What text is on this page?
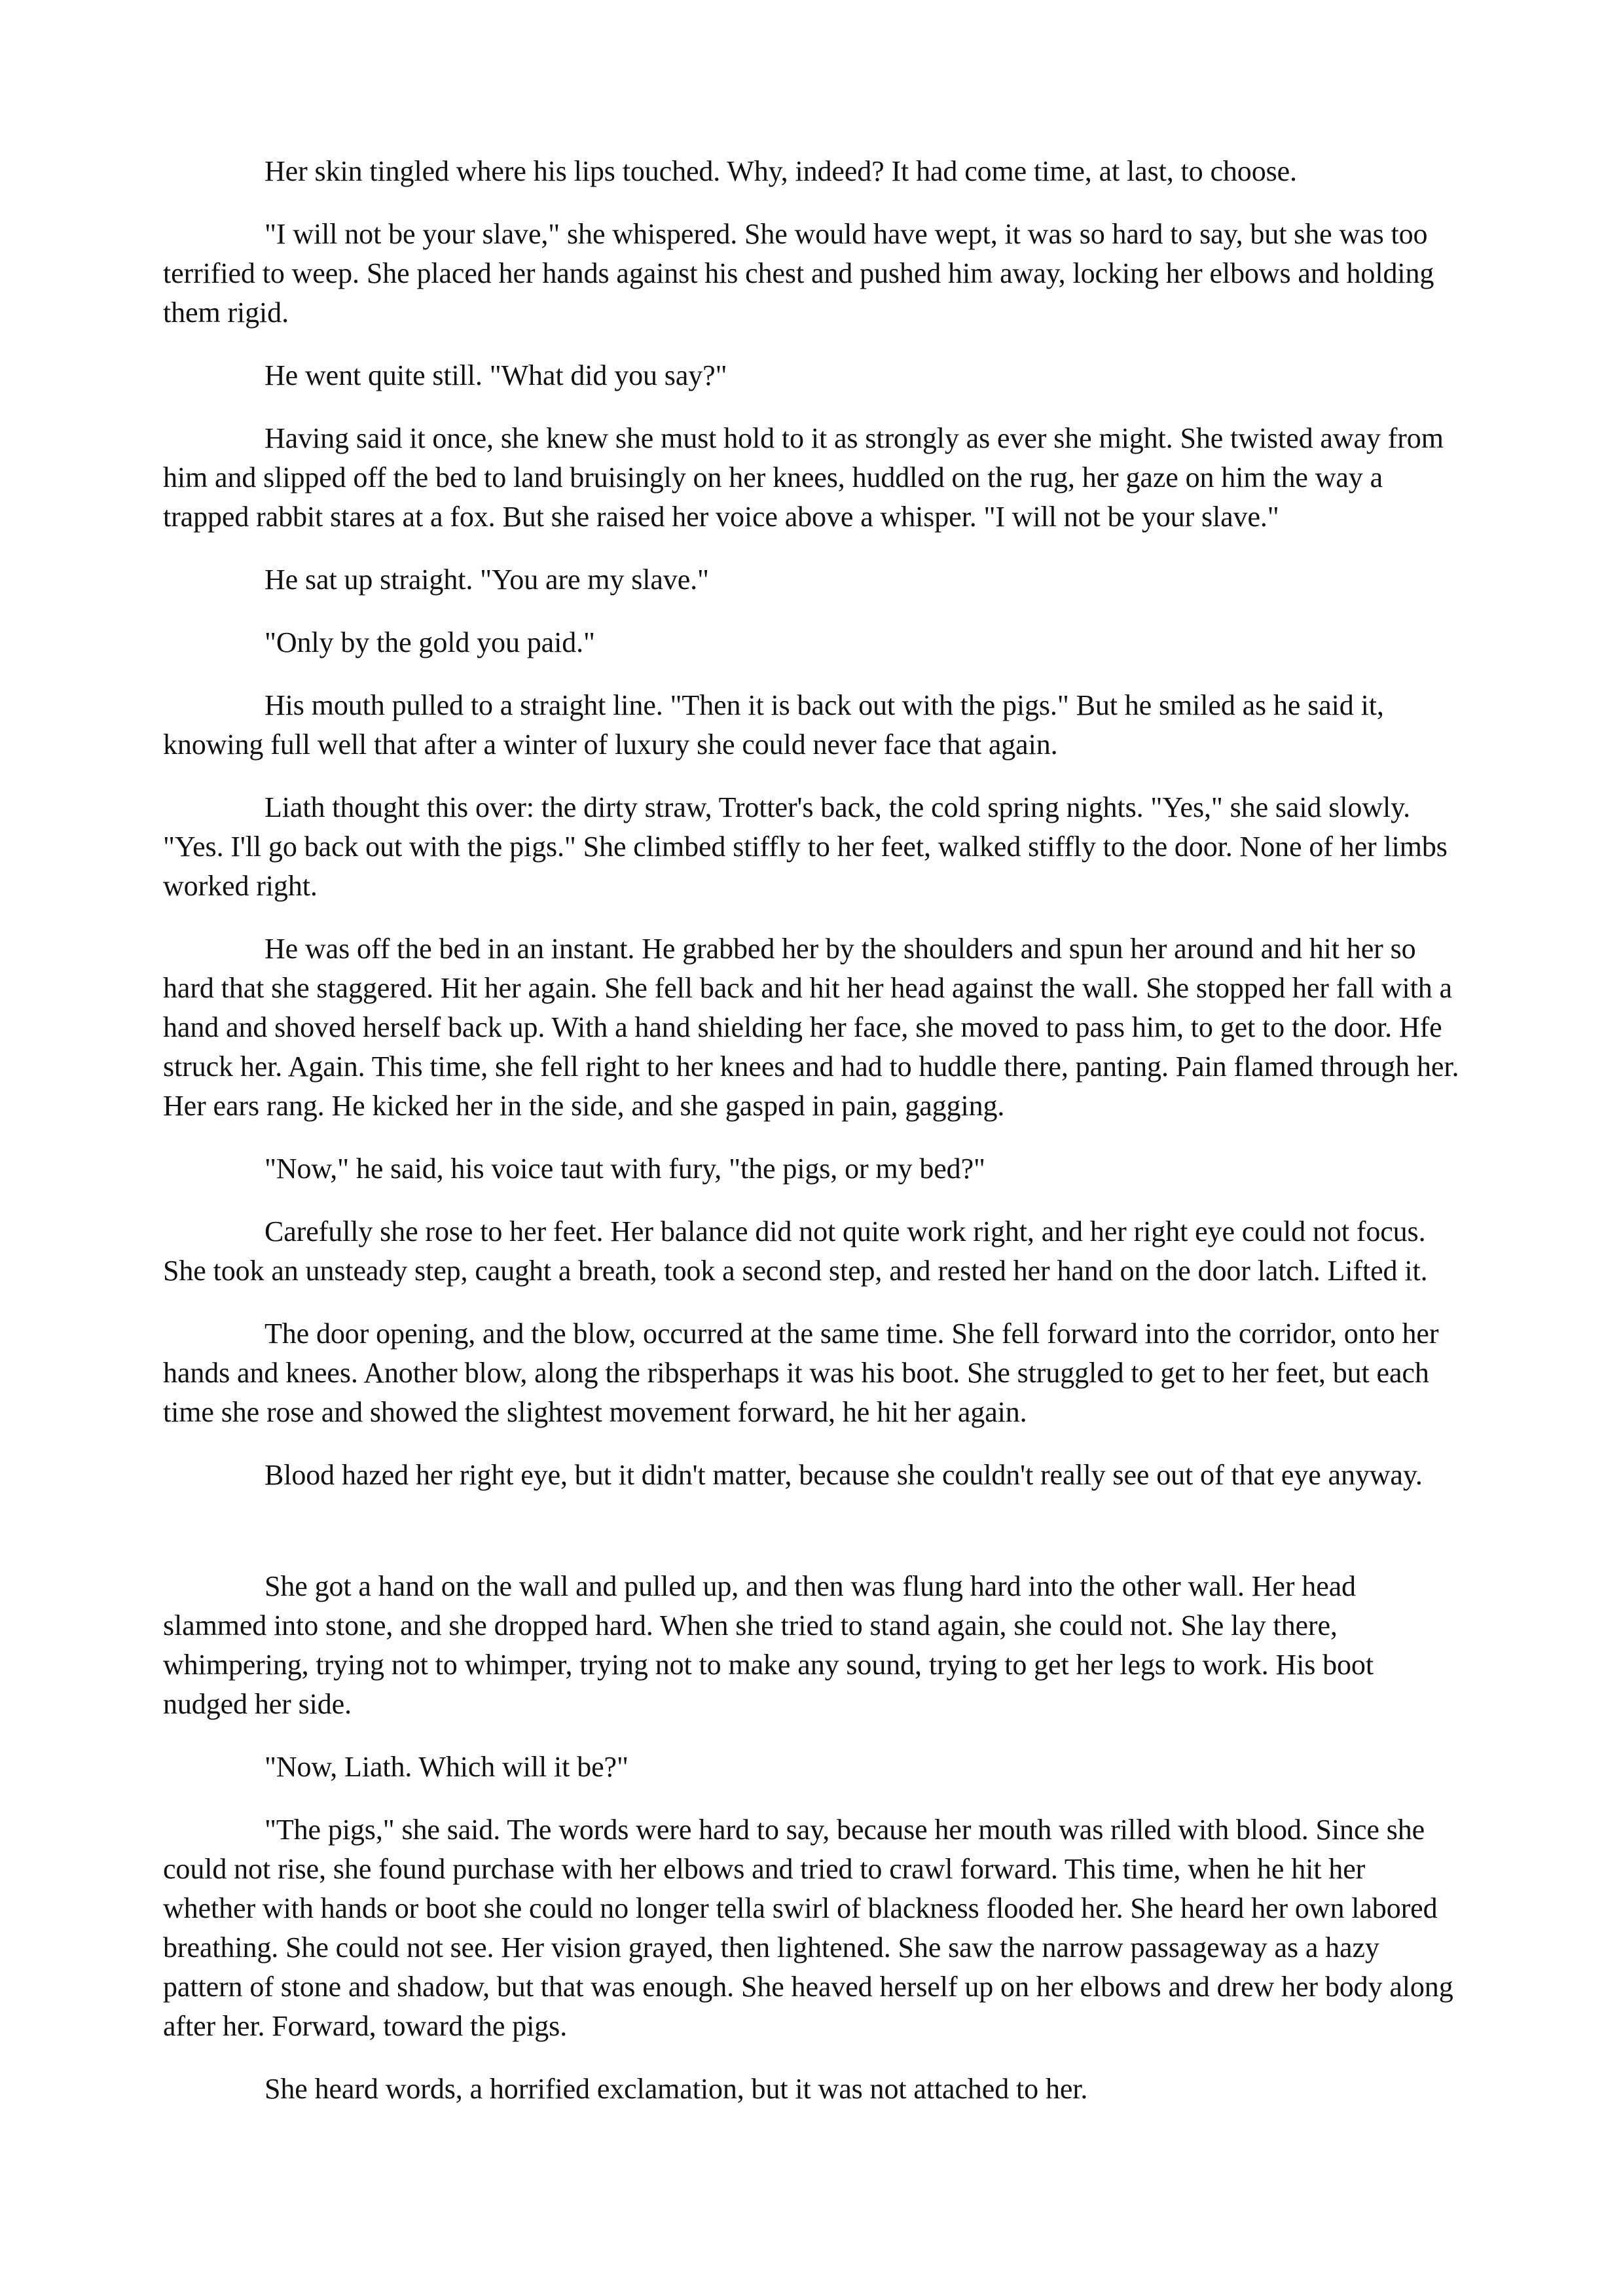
Her skin tingled where his lips touched. Why, indeed? It had come time, at last, to choose.

"I will not be your slave," she whispered. She would have wept, it was so hard to say, but she was too terrified to weep. She placed her hands against his chest and pushed him away, locking her elbows and holding them rigid.

He went quite still. "What did you say?"

Having said it once, she knew she must hold to it as strongly as ever she might. She twisted away from him and slipped off the bed to land bruisingly on her knees, huddled on the rug, her gaze on him the way a trapped rabbit stares at a fox. But she raised her voice above a whisper. "I will not be your slave."

He sat up straight. "You are my slave."

"Only by the gold you paid."

His mouth pulled to a straight line. "Then it is back out with the pigs." But he smiled as he said it, knowing full well that after a winter of luxury she could never face that again.

Liath thought this over: the dirty straw, Trotter's back, the cold spring nights. "Yes," she said slowly. "Yes. I'll go back out with the pigs." She climbed stiffly to her feet, walked stiffly to the door. None of her limbs worked right.

He was off the bed in an instant. He grabbed her by the shoulders and spun her around and hit her so hard that she staggered. Hit her again. She fell back and hit her head against the wall. She stopped her fall with a hand and shoved herself back up. With a hand shielding her face, she moved to pass him, to get to the door. Hfe struck her. Again. This time, she fell right to her knees and had to huddle there, panting. Pain flamed through her. Her ears rang. He kicked her in the side, and she gasped in pain, gagging.

"Now," he said, his voice taut with fury, "the pigs, or my bed?"

Carefully she rose to her feet. Her balance did not quite work right, and her right eye could not focus. She took an unsteady step, caught a breath, took a second step, and rested her hand on the door latch. Lifted it.

The door opening, and the blow, occurred at the same time. She fell forward into the corridor, onto her hands and knees. Another blow, along the ribsperhaps it was his boot. She struggled to get to her feet, but each time she rose and showed the slightest movement forward, he hit her again.

Blood hazed her right eye, but it didn't matter, because she couldn't really see out of that eye anyway.

She got a hand on the wall and pulled up, and then was flung hard into the other wall. Her head slammed into stone, and she dropped hard. When she tried to stand again, she could not. She lay there, whimpering, trying not to whimper, trying not to make any sound, trying to get her legs to work. His boot nudged her side.

"Now, Liath. Which will it be?"

"The pigs," she said. The words were hard to say, because her mouth was rilled with blood. Since she could not rise, she found purchase with her elbows and tried to crawl forward. This time, when he hit her whether with hands or boot she could no longer tella swirl of blackness flooded her. She heard her own labored breathing. She could not see. Her vision grayed, then lightened. She saw the narrow passageway as a hazy pattern of stone and shadow, but that was enough. She heaved herself up on her elbows and drew her body along after her. Forward, toward the pigs.

She heard words, a horrified exclamation, but it was not attached to her.
